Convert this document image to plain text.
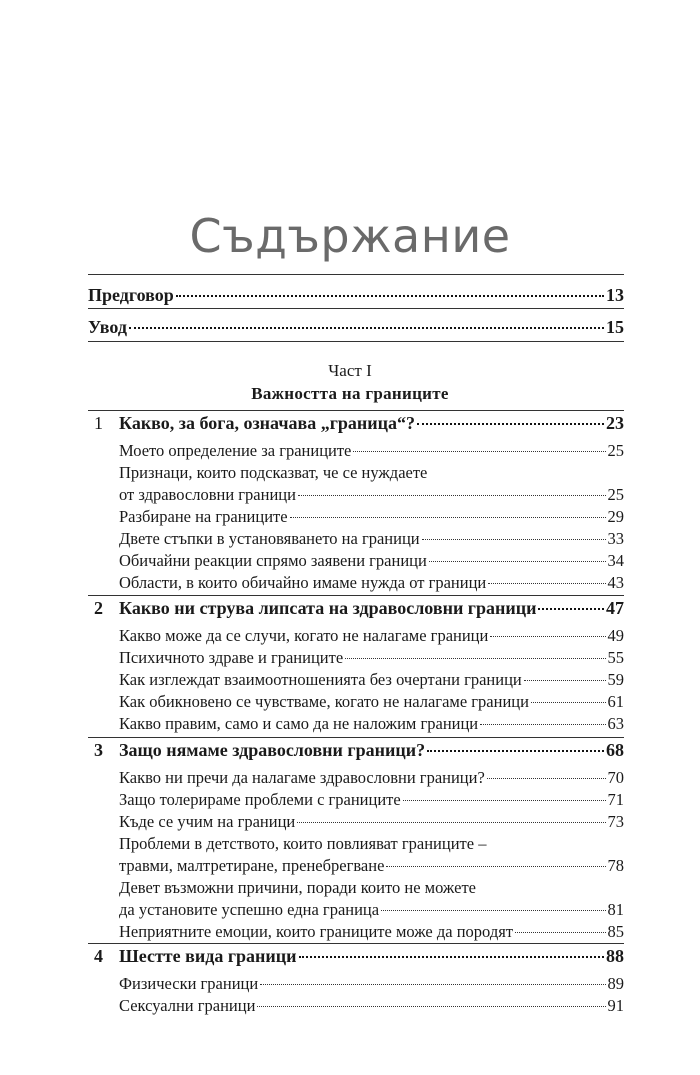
Съдържание
Предговор	13
Увод	15
Част I
Важността на границите
1 Какво, за бога, означава „граница“?	23
Моето определение за границите	25
Признаци, които подсказват, че се нуждаете
от здравословни граници	25
Разбиране на границите	29
Двете стъпки в установяването на граници	33
Обичайни реакции спрямо заявени граници	34
Области, в които обичайно имаме нужда от граници	43
2 Какво ни струва липсата на здравословни граници	47
Какво може да се случи, когато не налагаме граници	49
Психичното здраве и границите	55
Как изглеждат взаимоотношенията без очертани граници	59
Как обикновено се чувстваме, когато не налагаме граници	61
Какво правим, само и само да не наложим граници	63
3 Защо нямаме здравословни граници?	68
Какво ни пречи да налагаме здравословни граници?	70
Защо толерираме проблеми с границите	71
Къде се учим на граници	73
Проблеми в детството, които повлияват границите –
травми, малтретиране, пренебрегване	78
Девет възможни причини, поради които не можете
да установите успешно една граница	81
Неприятните емоции, които границите може да породят	85
4 Шестте вида граници	88
Физически граници	89
Сексуални граници	91
